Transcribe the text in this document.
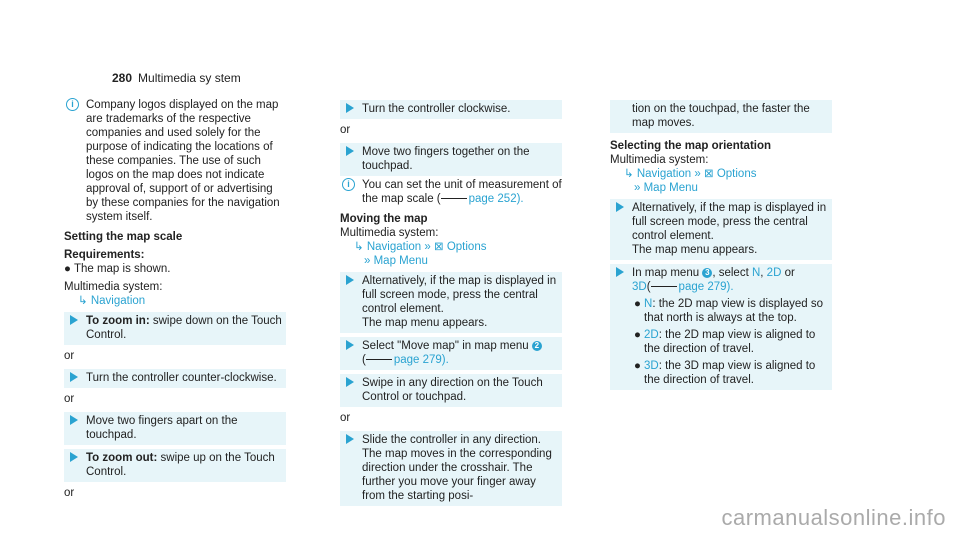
280 Multimedia sy stem
i	Company logos displayed on the map are trademarks of the respective companies and used solely for the purpose of indicating the locations of these companies. The use of such logos on the map does not indicate approval of, support of or advertising by these companies for the navigation system itself.
Setting the map scale
Requirements:
● The map is shown.
Multimedia system:
↳ Navigation
To zoom in: swipe down on the Touch Control.
or
Turn the controller counter-clockwise.
or
Move two fingers apart on the touchpad.
To zoom out: swipe up on the Touch Control.
or
Turn the controller clockwise.
or
Move two fingers together on the touchpad.
i	You can set the unit of measurement of the map scale ( page 252).
Moving the map
Multimedia system:
↳ Navigation » ⊠ Options
» Map Menu
Alternatively, if the map is displayed in full screen mode, press the central control element.
The map menu appears.
Select "Move map" in map menu 2
( page 279).
Swipe in any direction on the Touch Control or touchpad.
or
Slide the controller in any direction. The map moves in the corresponding direction under the crosshair. The further you move your finger away from the starting posi-
tion on the touchpad, the faster the map moves.
Selecting the map orientation
Multimedia system:
↳ Navigation » ⊠ Options
» Map Menu
Alternatively, if the map is displayed in full screen mode, press the central control element.
The map menu appears.
In map menu 3 , select N, 2D or
3D( page 279).
● N: the 2D map view is displayed so that north is always at the top.
● 2D: the 2D map view is aligned to the direction of travel.
● 3D: the 3D map view is aligned to the direction of travel.
carmanualsonline.info
